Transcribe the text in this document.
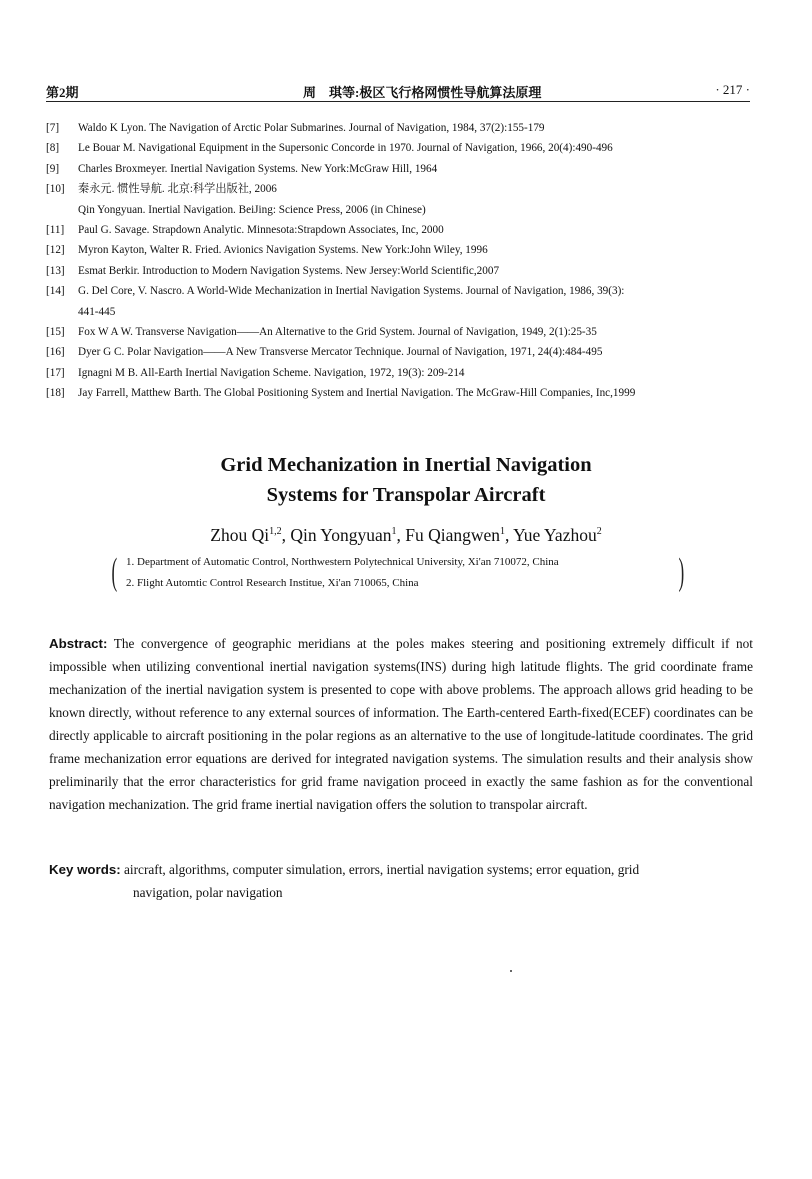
第2期	周　琪等:极区飞行格网惯性导航算法原理	· 217 ·
[7] Waldo K Lyon. The Navigation of Arctic Polar Submarines. Journal of Navigation, 1984, 37(2):155-179
[8] Le Bouar M. Navigational Equipment in the Supersonic Concorde in 1970. Journal of Navigation, 1966, 20(4):490-496
[9] Charles Broxmeyer. Inertial Navigation Systems. New York:McGraw Hill, 1964
[10] 秦永元. 惯性导航. 北京:科学出版社, 2006
Qin Yongyuan. Inertial Navigation. BeiJing: Science Press, 2006 (in Chinese)
[11] Paul G. Savage. Strapdown Analytic. Minnesota:Strapdown Associates, Inc, 2000
[12] Myron Kayton, Walter R. Fried. Avionics Navigation Systems. New York:John Wiley, 1996
[13] Esmat Berkir. Introduction to Modern Navigation Systems. New Jersey:World Scientific,2007
[14] G. Del Core, V. Nascro. A World-Wide Mechanization in Inertial Navigation Systems. Journal of Navigation, 1986, 39(3):
441-445
[15] Fox W A W. Transverse Navigation——An Alternative to the Grid System. Journal of Navigation, 1949, 2(1):25-35
[16] Dyer G C. Polar Navigation——A New Transverse Mercator Technique. Journal of Navigation, 1971, 24(4):484-495
[17] Ignagni M B. All-Earth Inertial Navigation Scheme. Navigation, 1972, 19(3): 209-214
[18] Jay Farrell, Matthew Barth. The Global Positioning System and Inertial Navigation. The McGraw-Hill Companies, Inc,1999
Grid Mechanization in Inertial Navigation
Systems for Transpolar Aircraft
Zhou Qi$^{1,2}$, Qin Yongyuan$^1$, Fu Qiangwen$^1$, Yue Yazhou$^2$
( 1. Department of Automatic Control, Northwestern Polytechnical University, Xi'an 710072, China
2. Flight Automtic Control Research Institue, Xi'an 710065, China	)
Abstract: The convergence of geographic meridians at the poles makes steering and positioning extremely difficult if not impossible when utilizing conventional inertial navigation systems(INS) during high latitude flights. The grid coordinate frame mechanization of the inertial navigation system is presented to cope with above problems. The approach allows grid heading to be known directly, without reference to any external sources of information. The Earth-centered Earth-fixed(ECEF) coordinates can be directly applicable to aircraft positioning in the polar regions as an alternative to the use of longitude-latitude coordinates. The grid frame mechanization error equations are derived for integrated navigation systems. The simulation results and their analysis show preliminarily that the error characteristics for grid frame navigation proceed in exactly the same fashion as for the conventional navigation mechanization. The grid frame inertial navigation offers the solution to transpolar aircraft.
Key words: aircraft, algorithms, computer simulation, errors, inertial navigation systems; error equation, grid
navigation, polar navigation
